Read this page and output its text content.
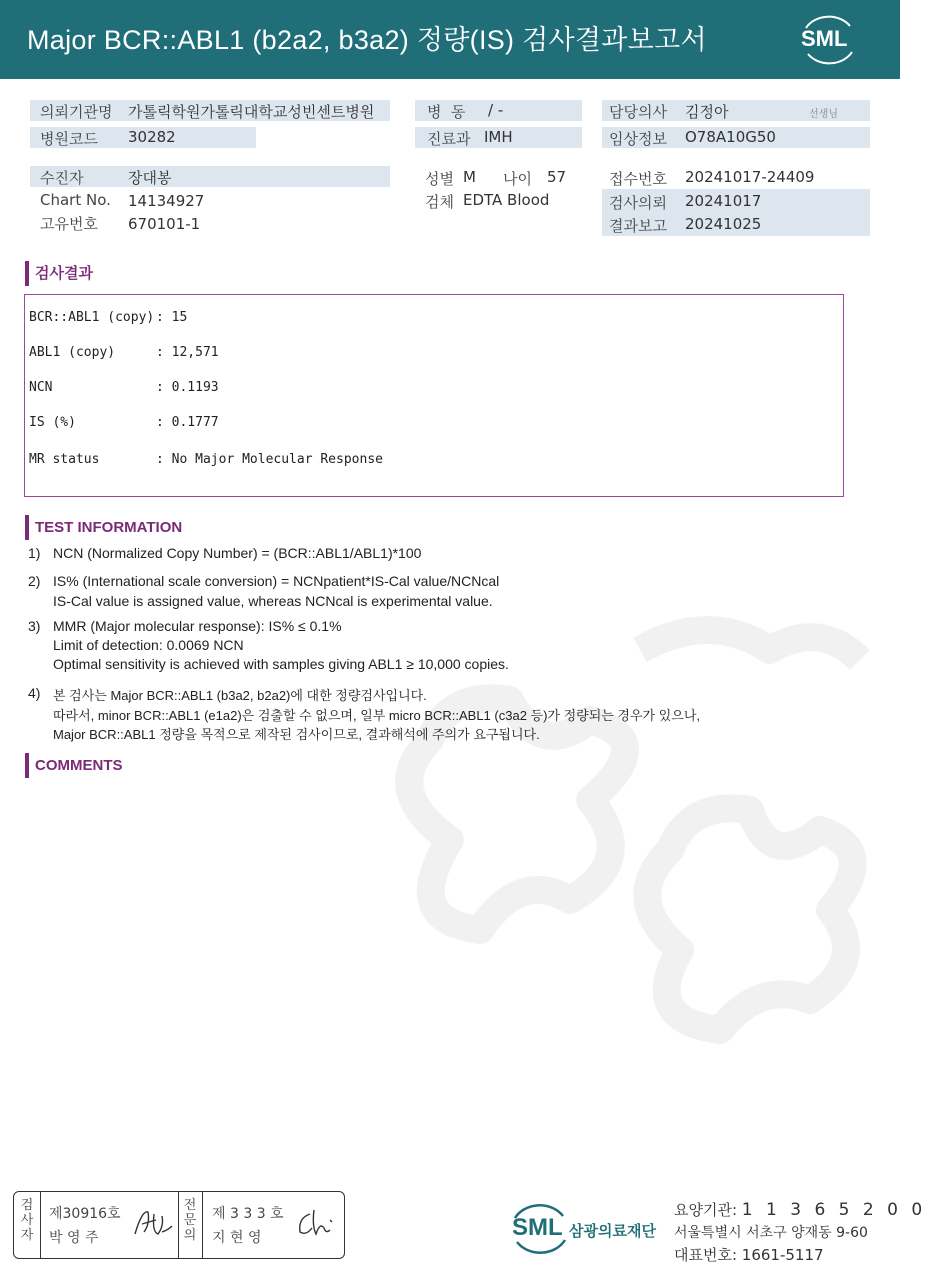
Major BCR::ABL1 (b2a2, b3a2) 정량(IS) 검사결과보고서	SML
의뢰기관명 가톨릭학원가톨릭대학교성빈센트병원
병원코드 30282
병  동 / -
진료과 IMH
담당의사 김정아	선생님
임상정보 O78A10G50
수진자	장대봉
Chart No. 14134927
고유번호 670101-1
성별 M 나이 57
검체 EDTA Blood
접수번호 20241017-24409
검사의뢰 20241017
결과보고 20241025
검사결과
BCR::ABL1 (copy) : 15
ABL1 (copy)	: 12,571
NCN	: 0.1193
IS (%)	: 0.1777
MR status	: No Major Molecular Response
TEST INFORMATION
1) NCN (Normalized Copy Number) = (BCR::ABL1/ABL1)*100
2) IS% (International scale conversion) = NCNpatient*IS-Cal value/NCNcal
IS-Cal value is assigned value, whereas NCNcal is experimental value.
3) MMR (Major molecular response): IS% ≤ 0.1%
Limit of detection: 0.0069 NCN
Optimal sensitivity is achieved with samples giving ABL1 ≥ 10,000 copies.
4) 본 검사는 Major BCR::ABL1 (b3a2, b2a2)에 대한 정량검사입니다.
따라서, minor BCR::ABL1 (e1a2)은 검출할 수 없으며, 일부 micro BCR::ABL1 (c3a2 등)가 정량되는 경우가 있으나,
Major BCR::ABL1 정량을 목적으로 제작된 검사이므로, 결과해석에 주의가 요구됩니다.
COMMENTS
검사자
제30916호
박 영 주
전문의
제 3 3 3 호
지 현 영	SML 삼광의료재단
요양기관: 1 1 3 6 5 2 0 0
서울특별시 서초구 양재동 9-60
대표번호: 1661-5117
